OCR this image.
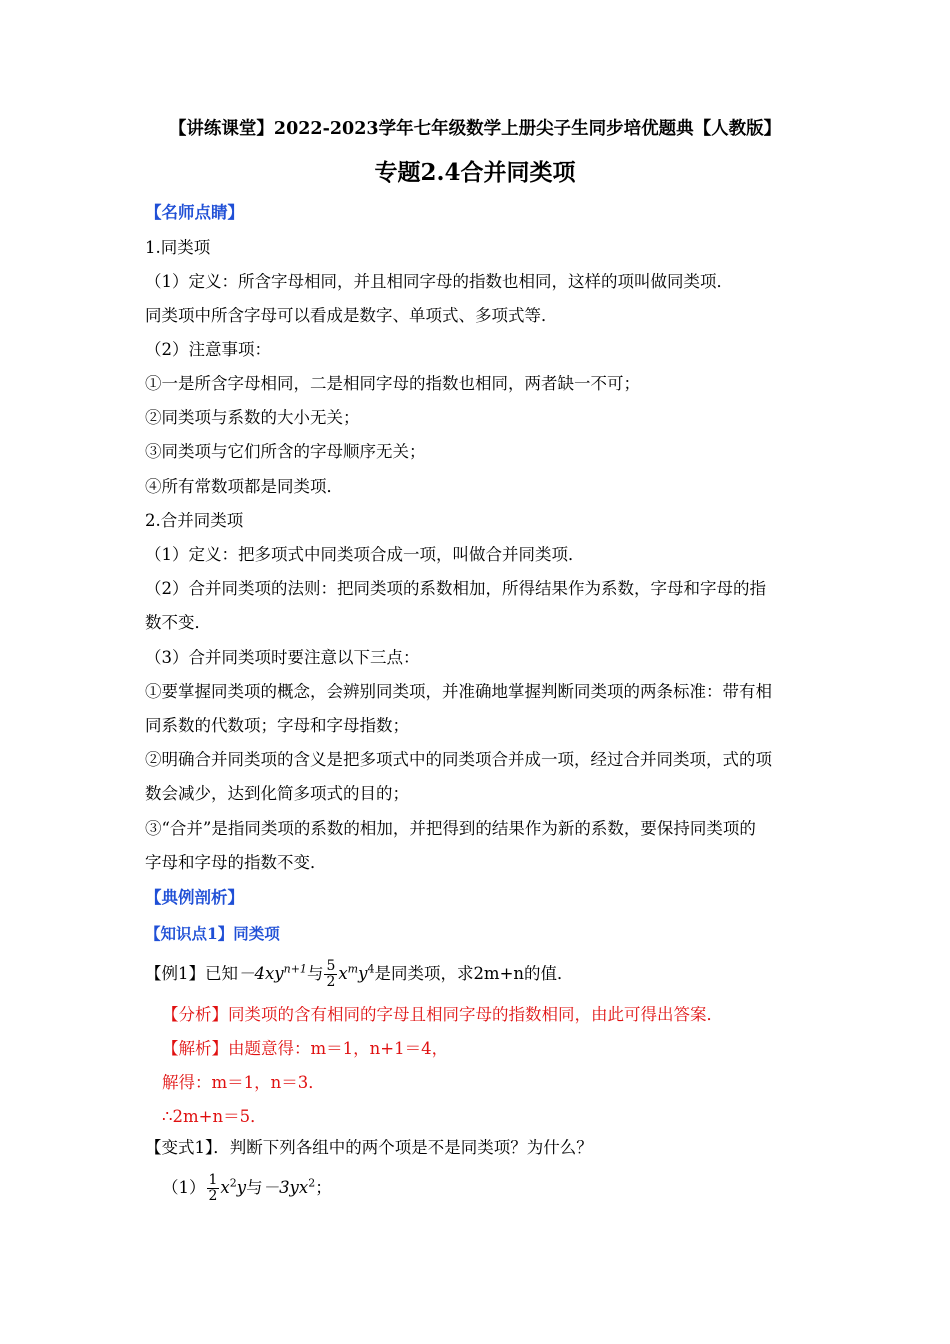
【讲练课堂】2022-2023学年七年级数学上册尖子生同步培优题典【人教版】
专题2.4合并同类项
【名师点睛】
1.同类项
（1）定义：所含字母相同，并且相同字母的指数也相同，这样的项叫做同类项．
同类项中所含字母可以看成是数字、单项式、多项式等．
（2）注意事项：
①一是所含字母相同，二是相同字母的指数也相同，两者缺一不可；
②同类项与系数的大小无关；
③同类项与它们所含的字母顺序无关；
④所有常数项都是同类项．
2.合并同类项
（1）定义：把多项式中同类项合成一项，叫做合并同类项．
（2）合并同类项的法则：把同类项的系数相加，所得结果作为系数，字母和字母的指
数不变．
（3）合并同类项时要注意以下三点：
①要掌握同类项的概念，会辨别同类项，并准确地掌握判断同类项的两条标准：带有相
同系数的代数项；字母和字母指数；
②明确合并同类项的含义是把多项式中的同类项合并成一项，经过合并同类项，式的项
数会减少，达到化简多项式的目的；
③“合并”是指同类项的系数的相加，并把得到的结果作为新的系数，要保持同类项的
字母和字母的指数不变．
【典例剖析】
【知识点1】同类项
【例1】已知$-4xy^{n+1}$与 $\frac{5}{2} x^my^4$是同类项，求2m+n的值．
【分析】同类项的含有相同的字母且相同字母的指数相同，由此可得出答案．
【解析】由题意得：m＝1，n+1＝4，
解得：m＝1，n＝3．
∴2m+n＝5．
【变式1】．判断下列各组中的两个项是不是同类项？为什么？
$(1) \frac{1}{2} x^2y$与$-3yx^2$；
